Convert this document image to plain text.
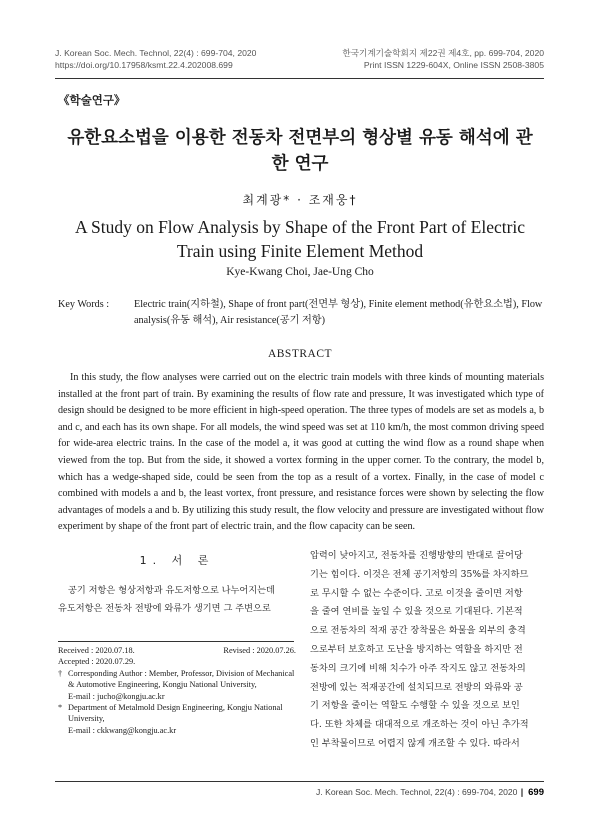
J. Korean Soc. Mech. Technol, 22(4) : 699-704, 2020
https://doi.org/10.17958/ksmt.22.4.202008.699
한국기계기술학회지 제22권 제4호, pp. 699-704, 2020
Print ISSN 1229-604X, Online ISSN 2508-3805
《학술연구》
유한요소법을 이용한 전동차 전면부의 형상별 유동 해석에 관한 연구
최계광* · 조재웅†
A Study on Flow Analysis by Shape of the Front Part of Electric Train using Finite Element Method
Kye-Kwang Choi, Jae-Ung Cho
Key Words :	Electric train(지하철), Shape of front part(전면부 형상), Finite element method(유한요소법), Flow analysis(유동 해석), Air resistance(공기 저항)
ABSTRACT

In this study, the flow analyses were carried out on the electric train models with three kinds of mounting materials installed at the front part of train. By examining the results of flow rate and pressure, It was investigated which type of design should be designed to be more efficient in high-speed operation. The three types of models are set as models a, b and c, and each has its own shape. For all models, the wind speed was set at 110 km/h, the most common driving speed for wide-area electric trains. In the case of the model a, it was good at cutting the wind flow as a round shape when viewed from the top. But from the side, it showed a vortex forming in the upper corner. To the contrary, the model b, which has a wedge-shaped side, could be seen from the top as a result of a vortex. Finally, in the case of model c combined with models a and b, the least vortex, front pressure, and resistance forces were shown by selecting the flow advantages of models a and b. By utilizing this study result, the flow velocity and pressure are investigated without flow experiment by shape of the front part of electric train, and the flow capacity can be seen.

1. 서 론

공기 저항은 형상저항과 유도저항으로 나누어지는데

유도저항은 전동차 전방에 와류가 생기면 그 주변으로

Received : 2020.07.18.	Revised : 2020.07.26.
Accepted : 2020.07.29.
† Corresponding Author : Member, Professor, Division of Mechanical & Automotive Engineering, Kongju National University,
E-mail : jucho@kongju.ac.kr
* Department of Metalmold Design Engineering, Kongju National University,
E-mail : ckkwang@kongju.ac.kr

압력이 낮아지고, 전동차를 진행방향의 반대로 끌어당

기는 힘이다. 이것은 전체 공기저항의 35%를 차지하므

로 무시할 수 없는 수준이다. 고로 이것을 줄이면 저항

을 줄여 연비를 높일 수 있을 것으로 기대된다. 기본적

으로 전동차의 적재 공간 장착물은 화물을 외부의 충격

으로부터 보호하고 도난을 방지하는 역할을 하지만 전

동차의 크기에 비해 치수가 아주 작지도 않고 전동차의

전방에 있는 적재공간에 설치되므로 전방의 와류와 공

기 저항을 줄이는 역할도 수행할 수 있을 것으로 보인

다. 또한 차체를 대대적으로 개조하는 것이 아닌 추가적

인 부착물이므로 어렵지 않게 개조할 수 있다. 따라서

J. Korean Soc. Mech. Technol, 22(4) : 699-704, 2020 ∥ 699
